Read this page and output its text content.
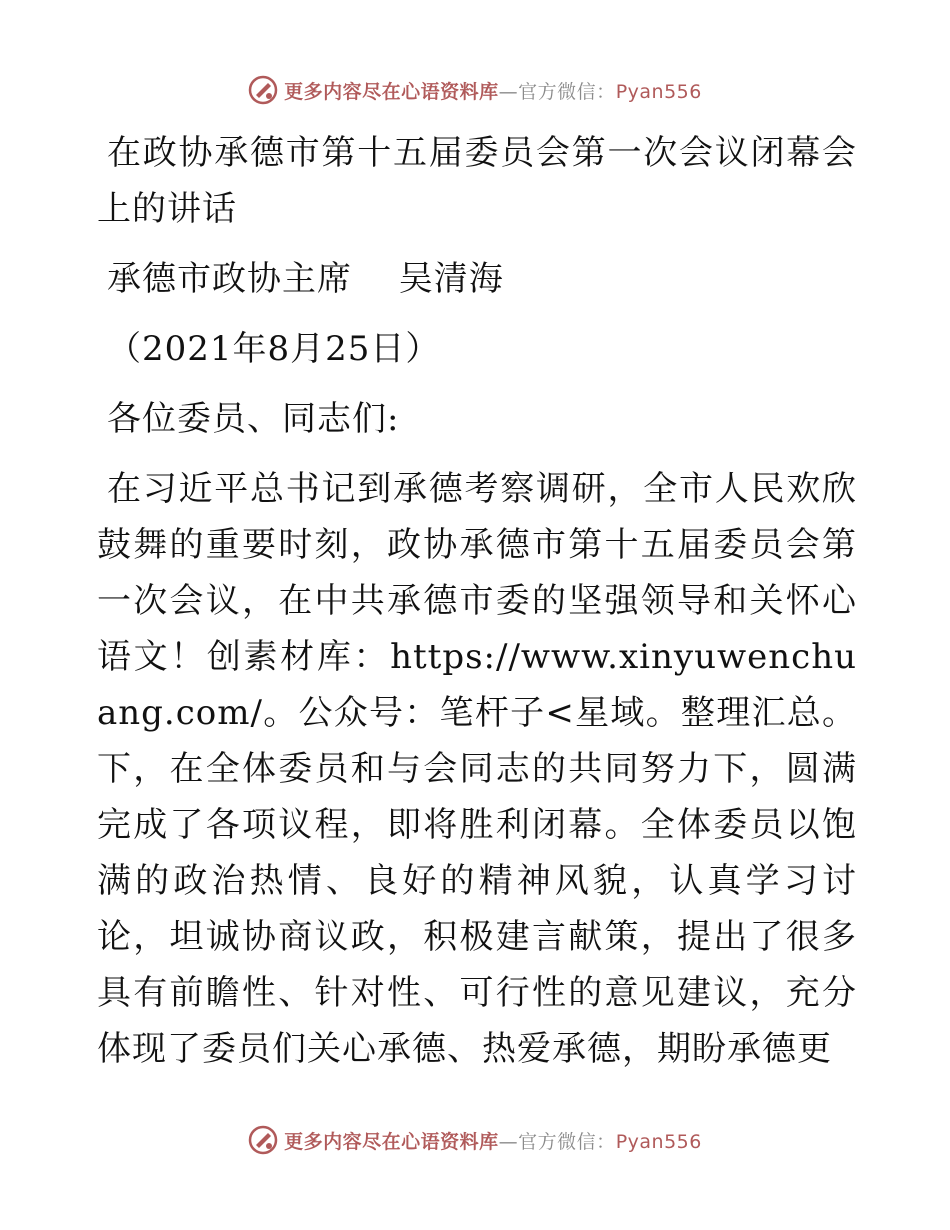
更多内容尽在心语资料库—官方微信：Pyan556

在政协承德市第十五届委员会第一次会议闭幕会上的讲话

承德市政协主席　 吴清海

（2021年8月25日）

各位委员、同志们:

在习近平总书记到承德考察调研，全市人民欢欣鼓舞的重要时刻，政协承德市第十五届委员会第一次会议，在中共承德市委的坚强领导和关怀心语文！创素材库：https://www.xinyuwenchuang.com/。公众号：笔杆子<星域。整理汇总。下，在全体委员和与会同志的共同努力下，圆满完成了各项议程，即将胜利闭幕。全体委员以饱满的政治热情、良好的精神风貌，认真学习讨论，坦诚协商议政，积极建言献策，提出了很多具有前瞻性、针对性、可行性的意见建议，充分体现了委员们关心承德、热爱承德，期盼承德更

更多内容尽在心语资料库—官方微信：Pyan556
